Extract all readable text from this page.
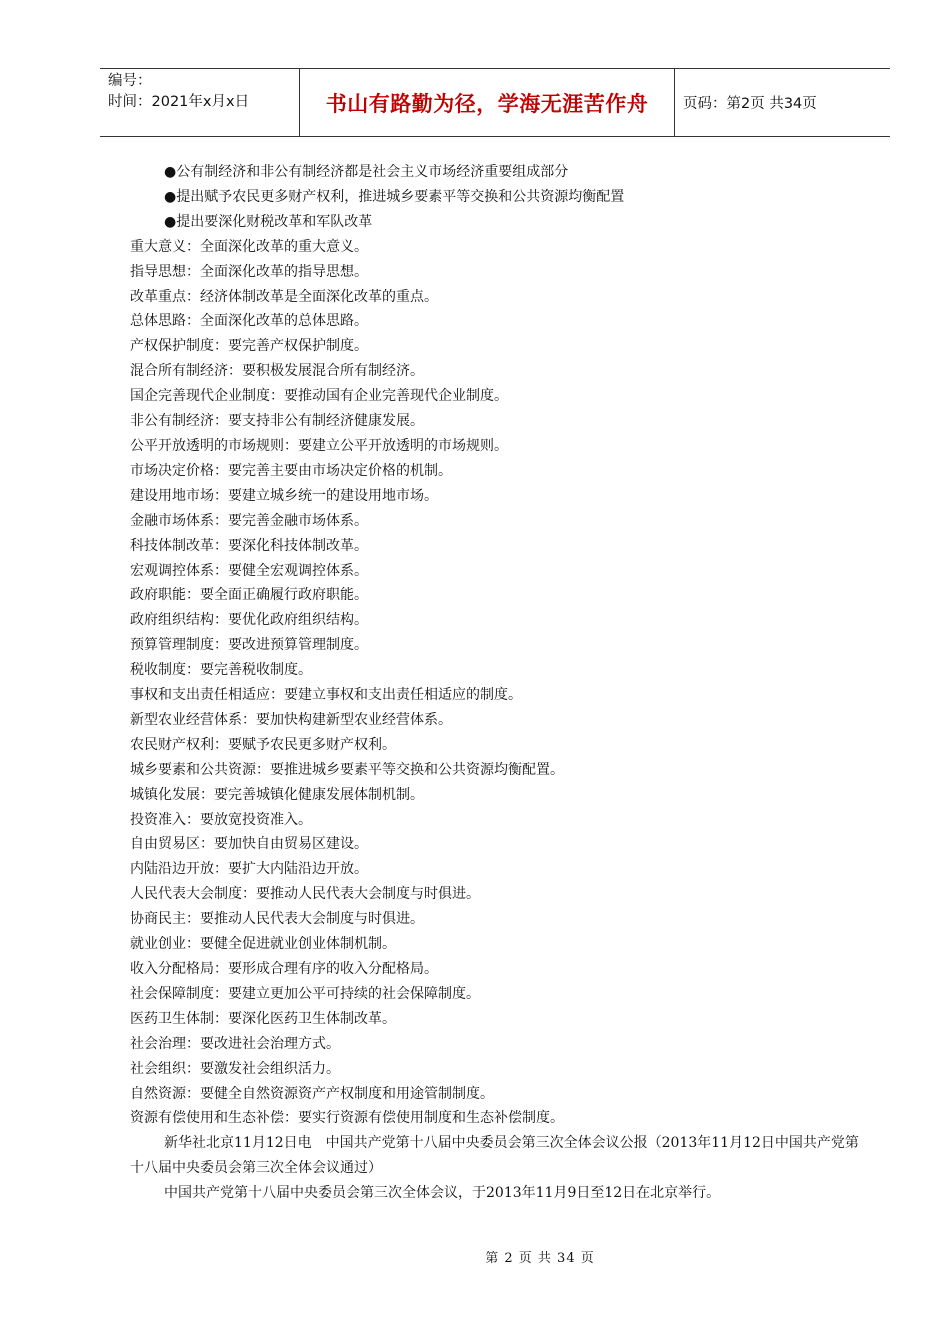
编号：
时间：2021年x月x日	书山有路勤为径，学海无涯苦作舟	页码：第2页 共34页
●公有制经济和非公有制经济都是社会主义市场经济重要组成部分
●提出赋予农民更多财产权利，推进城乡要素平等交换和公共资源均衡配置
●提出要深化财税改革和军队改革
重大意义：全面深化改革的重大意义。
指导思想：全面深化改革的指导思想。
改革重点：经济体制改革是全面深化改革的重点。
总体思路：全面深化改革的总体思路。
产权保护制度：要完善产权保护制度。
混合所有制经济：要积极发展混合所有制经济。
国企完善现代企业制度：要推动国有企业完善现代企业制度。
非公有制经济：要支持非公有制经济健康发展。
公平开放透明的市场规则：要建立公平开放透明的市场规则。
市场决定价格：要完善主要由市场决定价格的机制。
建设用地市场：要建立城乡统一的建设用地市场。
金融市场体系：要完善金融市场体系。
科技体制改革：要深化科技体制改革。
宏观调控体系：要健全宏观调控体系。
政府职能：要全面正确履行政府职能。
政府组织结构：要优化政府组织结构。
预算管理制度：要改进预算管理制度。
税收制度：要完善税收制度。
事权和支出责任相适应：要建立事权和支出责任相适应的制度。
新型农业经营体系：要加快构建新型农业经营体系。
农民财产权利：要赋予农民更多财产权利。
城乡要素和公共资源：要推进城乡要素平等交换和公共资源均衡配置。
城镇化发展：要完善城镇化健康发展体制机制。
投资准入：要放宽投资准入。
自由贸易区：要加快自由贸易区建设。
内陆沿边开放：要扩大内陆沿边开放。
人民代表大会制度：要推动人民代表大会制度与时俱进。
协商民主：要推动人民代表大会制度与时俱进。
就业创业：要健全促进就业创业体制机制。
收入分配格局：要形成合理有序的收入分配格局。
社会保障制度：要建立更加公平可持续的社会保障制度。
医药卫生体制：要深化医药卫生体制改革。
社会治理：要改进社会治理方式。
社会组织：要激发社会组织活力。
自然资源：要健全自然资源资产产权制度和用途管制制度。
资源有偿使用和生态补偿：要实行资源有偿使用制度和生态补偿制度。
新华社北京11月12日电　中国共产党第十八届中央委员会第三次全体会议公报（2013年11月12日中国共产党第十八届中央委员会第三次全体会议通过）
中国共产党第十八届中央委员会第三次全体会议，于2013年11月9日至12日在北京举行。
第 2 页 共 34 页
